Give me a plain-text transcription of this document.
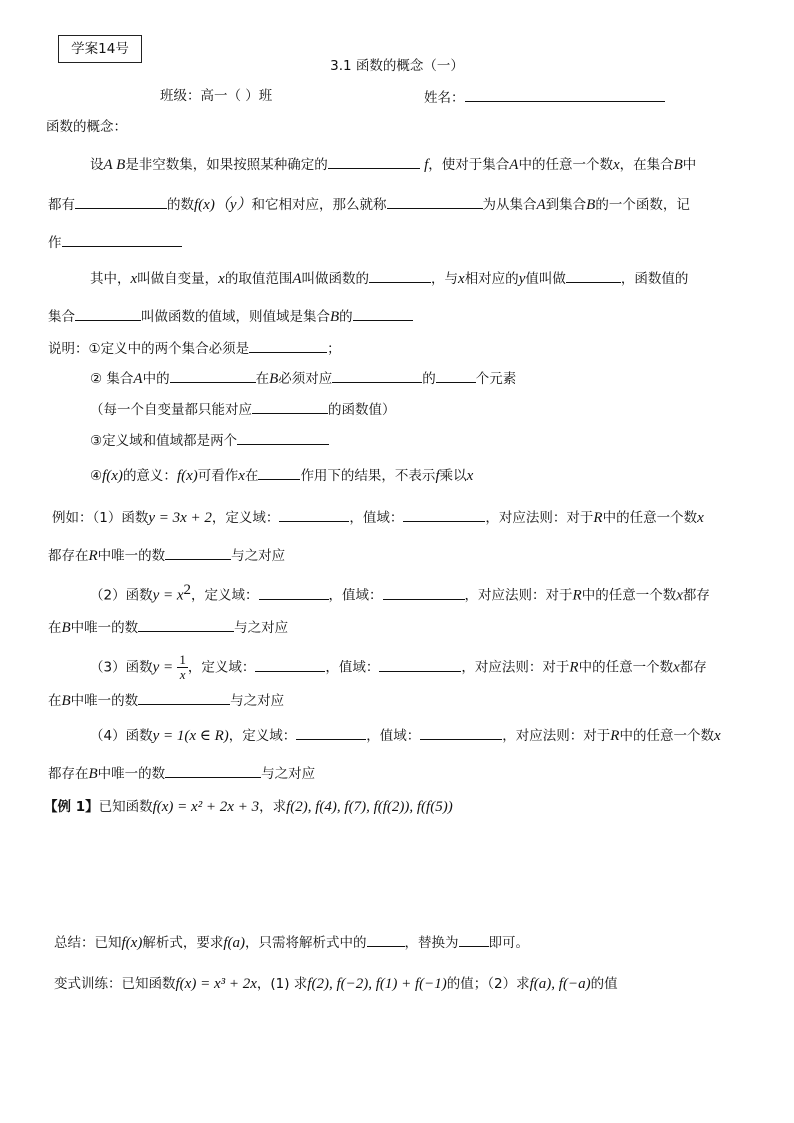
学案14号
3.1 函数的概念（一）
班级：高一（ ）班	姓名：
函数的概念：
设A B是非空数集，如果按照某种确定的	f，使对于集合A中的任意一个数x，在集合B中
都有	的数f(x)（y）和它相对应，那么就称	为从集合A到集合B的一个函数，记
作
其中，x叫做自变量，x的取值范围A叫做函数的	，与x相对应的y值叫做	，函数值的
集合	叫做函数的值域，则值域是集合B的
说明：①定义中的两个集合必须是	；
② 集合A中的	在B必须对应	的	个元素
（每一个自变量都只能对应	的函数值）
③定义域和值域都是两个
④f(x)的意义：f(x)可看作x在	作用下的结果，不表示f乘以x
例如：（1）函数y = 3x + 2，定义域：	，值域：	，对应法则：对于R中的任意一个数x
都存在R中唯一的数	与之对应
（2）函数$y = x^2$，定义域：	，值域：	，对应法则：对于R中的任意一个数x都存
在B中唯一的数	与之对应
（3）函数$y = \frac{1}{x}$ ，定义域：	，值域：	，对应法则：对于R中的任意一个数x都存
在B中唯一的数	与之对应
（4）函数y = 1(x ∈ R)，定义域：	，值域：	，对应法则：对于R中的任意一个数x
都存在B中唯一的数	与之对应
【例 1】已知函数f(x) = x² + 2x + 3，求f(2), f(4), f(7), f(f(2)), f(f(5))
总结：已知f(x)解析式，要求f(a)，只需将解析式中的	，替换为 即可。
变式训练：已知函数f(x) = x³ + 2x，(1) 求f(2), f(−2), f(1) + f(−1)的值；（2）求f(a), f(−a)的值
